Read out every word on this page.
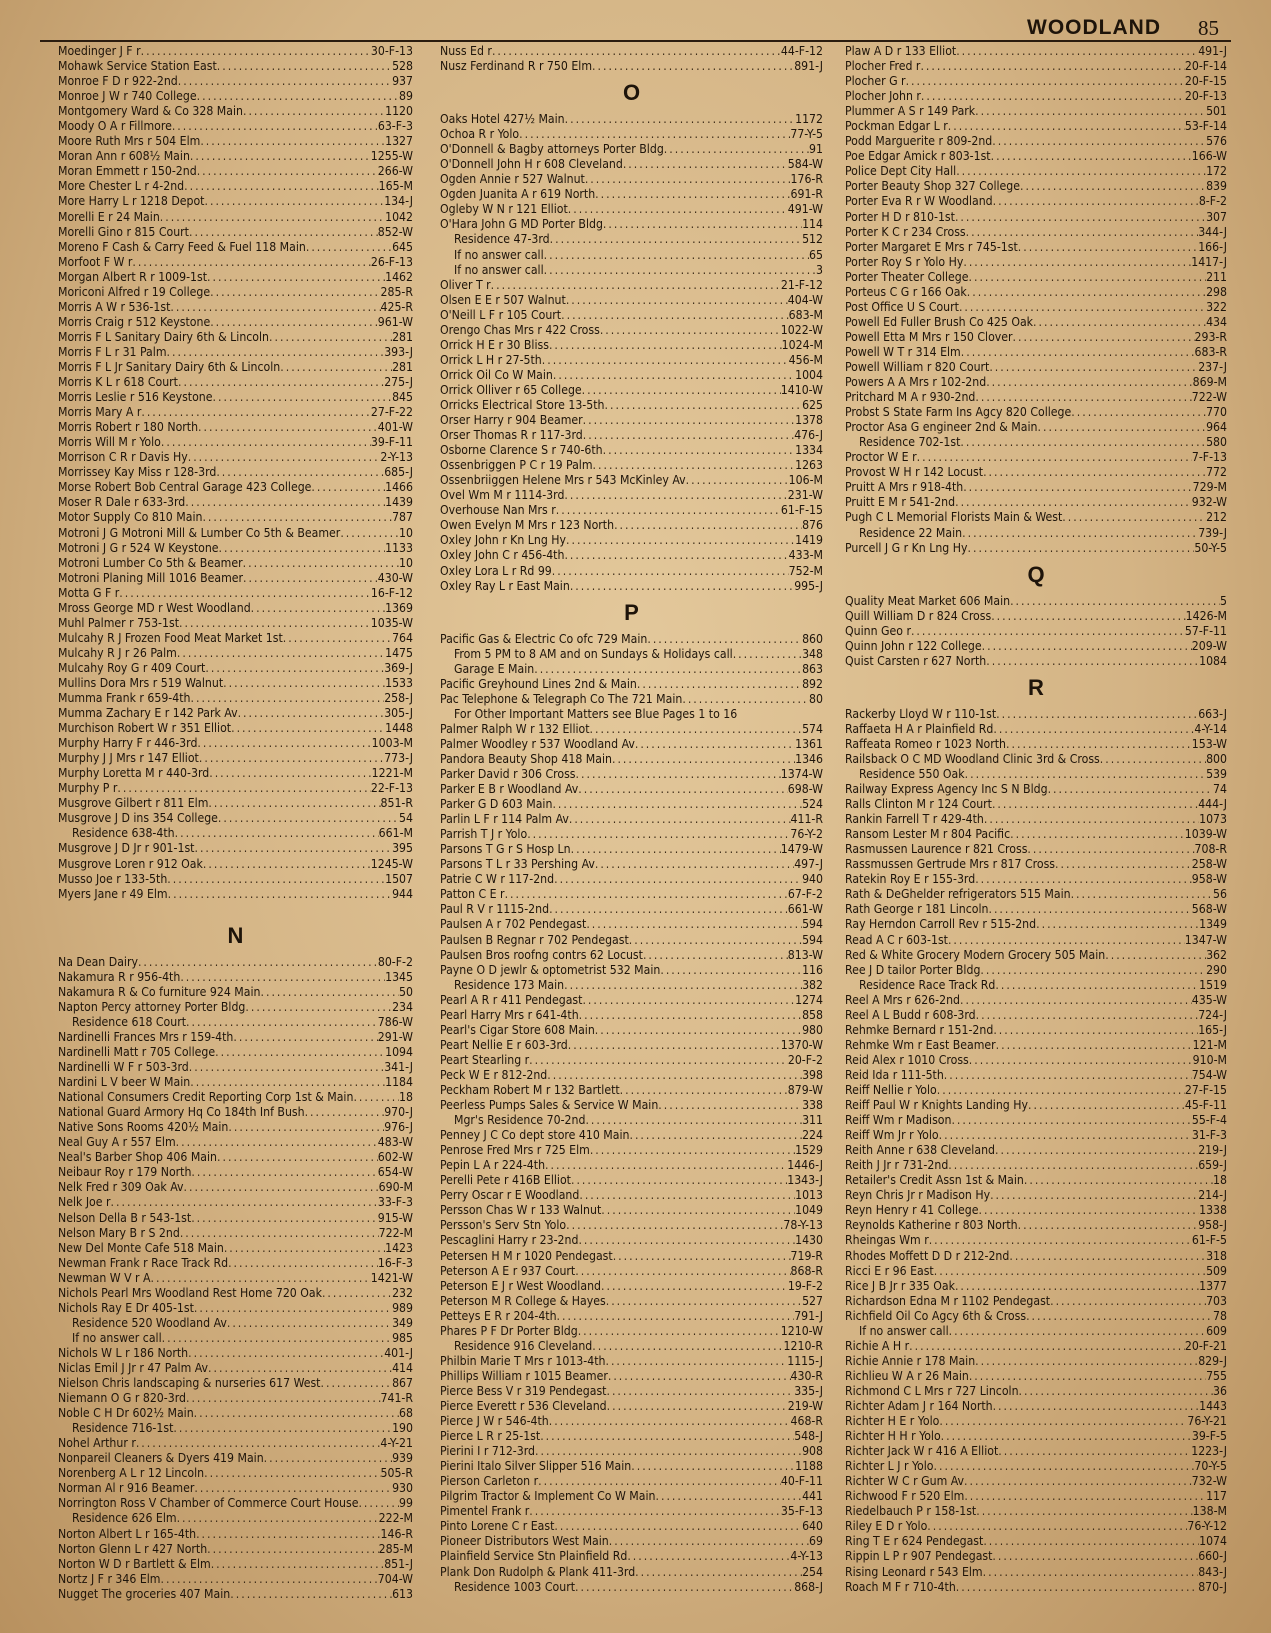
WOODLAND 85
Moedinger J F r .....	30-F-13
Mohawk Service Station East .....	528
Monroe F D r 922-2nd .....	937
Monroe J W r 740 College .....	89
Montgomery Ward & Co 328 Main .....	1120
Moody O A r Fillmore .....	63-F-3
Moore Ruth Mrs r 504 Elm .....	1327
Moran Ann r 608½ Main .....	1255-W
Moran Emmett r 150-2nd .....	266-W
More Chester L r 4-2nd .....	165-M
More Harry L r 1218 Depot .....	134-J
Morelli E r 24 Main .....	1042
Morelli Gino r 815 Court .....	852-W
Moreno F Cash & Carry Feed & Fuel 118 Main .....	645
Morfoot F W r .....	26-F-13
Morgan Albert R r 1009-1st .....	1462
Moriconi Alfred r 19 College .....	285-R
Morris A W r 536-1st .....	425-R
Morris Craig r 512 Keystone .....	961-W
Morris F L Sanitary Dairy 6th & Lincoln .....	281
Morris F L r 31 Palm .....	393-J
Morris F L Jr Sanitary Dairy 6th & Lincoln .....	281
Morris K L r 618 Court .....	275-J
Morris Leslie r 516 Keystone .....	845
Morris Mary A r .....	27-F-22
Morris Robert r 180 North .....	401-W
Morris Will M r Yolo .....	39-F-11
Morrison C R r Davis Hy .....	2-Y-13
Morrissey Kay Miss r 128-3rd .....	685-J
Morse Robert Bob Central Garage 423 College .....	1466
Moser R Dale r 633-3rd .....	1439
Motor Supply Co 810 Main .....	787
Motroni J G Motroni Mill & Lumber Co 5th & Beamer .....	10
Motroni J G r 524 W Keystone .....	1133
Motroni Lumber Co 5th & Beamer .....	10
Motroni Planing Mill 1016 Beamer .....	430-W
Motta G F r .....	16-F-12
Mross George MD r West Woodland .....	1369
Muhl Palmer r 753-1st .....	1035-W
Mulcahy R J Frozen Food Meat Market 1st .....	764
Mulcahy R J r 26 Palm .....	1475
Mulcahy Roy G r 409 Court .....	369-J
Mullins Dora Mrs r 519 Walnut .....	1533
Mumma Frank r 659-4th .....	258-J
Mumma Zachary E r 142 Park Av .....	305-J
Murchison Robert W r 351 Elliot .....	1448
Murphy Harry F r 446-3rd .....	1003-M
Murphy J J Mrs r 147 Elliot .....	773-J
Murphy Loretta M r 440-3rd .....	1221-M
Murphy P r .....	22-F-13
Musgrove Gilbert r 811 Elm .....	851-R
Musgrove J D ins 354 College .....	54
Residence 638-4th .....	661-M
Musgrove J D Jr r 901-1st .....	395
Musgrove Loren r 912 Oak .....	1245-W
Musso Joe r 133-5th .....	1507
Myers Jane r 49 Elm .....	944
N
Na Dean Dairy .....	80-F-2
Nakamura R r 956-4th .....	1345
Nakamura R & Co furniture 924 Main .....	50
Napton Percy attorney Porter Bldg .....	234
Residence 618 Court .....	786-W
Nardinelli Frances Mrs r 159-4th .....	291-W
Nardinelli Matt r 705 College .....	1094
Nardinelli W F r 503-3rd .....	341-J
Nardini L V beer W Main .....	1184
National Consumers Credit Reporting Corp 1st & Main .....	18
National Guard Armory Hq Co 184th Inf Bush .....	970-J
Native Sons Rooms 420½ Main .....	976-J
Neal Guy A r 557 Elm .....	483-W
Neal's Barber Shop 406 Main .....	602-W
Neibaur Roy r 179 North .....	654-W
Nelk Fred r 309 Oak Av .....	690-M
Nelk Joe r .....	33-F-3
Nelson Della B r 543-1st .....	915-W
Nelson Mary B r S 2nd .....	722-M
New Del Monte Cafe 518 Main .....	1423
Newman Frank r Race Track Rd .....	16-F-3
Newman W V r A .....	1421-W
Nichols Pearl Mrs Woodland Rest Home 720 Oak .....	232
Nichols Ray E Dr 405-1st .....	989
Residence 520 Woodland Av .....	349
If no answer call .....	985
Nichols W L r 186 North .....	401-J
Niclas Emil J Jr r 47 Palm Av .....	414
Nielson Chris landscaping & nurseries 617 West .....	867
Niemann O G r 820-3rd .....	741-R
Noble C H Dr 602½ Main .....	68
Residence 716-1st .....	190
Nohel Arthur r .....	4-Y-21
Nonpareil Cleaners & Dyers 419 Main .....	939
Norenberg A L r 12 Lincoln .....	505-R
Norman Al r 916 Beamer .....	930
Norrington Ross V Chamber of Commerce Court House .....	99
Residence 626 Elm .....	222-M
Norton Albert L r 165-4th .....	146-R
Norton Glenn L r 427 North .....	285-M
Norton W D r Bartlett & Elm .....	851-J
Nortz J F r 346 Elm .....	704-W
Nugget The groceries 407 Main .....	613
Nuss Ed r .....	44-F-12
Nusz Ferdinand R r 750 Elm .....	891-J
O
Oaks Hotel 427½ Main .....	1172
Ochoa R r Yolo .....	77-Y-5
O'Donnell & Bagby attorneys Porter Bldg .....	91
O'Donnell John H r 608 Cleveland .....	584-W
Ogden Annie r 527 Walnut .....	176-R
Ogden Juanita A r 619 North .....	691-R
Ogleby W N r 121 Elliot .....	491-W
O'Hara John G MD Porter Bldg .....	114
Residence 47-3rd .....	512
If no answer call .....	65
If no answer call .....	3
Oliver T r .....	21-F-12
Olsen E E r 507 Walnut .....	404-W
O'Neill L F r 105 Court .....	683-M
Orengo Chas Mrs r 422 Cross .....	1022-W
Orrick H E r 30 Bliss .....	1024-M
Orrick L H r 27-5th .....	456-M
Orrick Oil Co W Main .....	1004
Orrick Olliver r 65 College .....	1410-W
Orricks Electrical Store 13-5th .....	625
Orser Harry r 904 Beamer .....	1378
Orser Thomas R r 117-3rd .....	476-J
Osborne Clarence S r 740-6th .....	1334
Ossenbriggen P C r 19 Palm .....	1263
Ossenbriiggen Helene Mrs r 543 McKinley Av .....	106-M
Ovel Wm M r 1114-3rd .....	231-W
Overhouse Nan Mrs r .....	61-F-15
Owen Evelyn M Mrs r 123 North .....	876
Oxley John r Kn Lng Hy .....	1419
Oxley John C r 456-4th .....	433-M
Oxley Lora L r Rd 99 .....	752-M
Oxley Ray L r East Main .....	995-J
P
Pacific Gas & Electric Co ofc 729 Main .....	860
From 5 PM to 8 AM and on Sundays & Holidays call .....	348
Garage E Main .....	863
Pacific Greyhound Lines 2nd & Main .....	892
Pac Telephone & Telegraph Co The 721 Main .....	80
For Other Important Matters see Blue Pages 1 to 16
Palmer Ralph W r 132 Elliot .....	574
Palmer Woodley r 537 Woodland Av .....	1361
Pandora Beauty Shop 418 Main .....	1346
Parker David r 306 Cross .....	1374-W
Parker E B r Woodland Av .....	698-W
Parker G D 603 Main .....	524
Parlin L F r 114 Palm Av .....	411-R
Parrish T J r Yolo .....	76-Y-2
Parsons T G r S Hosp Ln .....	1479-W
Parsons T L r 33 Pershing Av .....	497-J
Patrie C W r 117-2nd .....	940
Patton C E r .....	67-F-2
Paul R V r 1115-2nd .....	661-W
Paulsen A r 702 Pendegast .....	594
Paulsen B Regnar r 702 Pendegast .....	594
Paulsen Bros roofng contrs 62 Locust .....	813-W
Payne O D jewlr & optometrist 532 Main .....	116
Residence 173 Main .....	382
Pearl A R r 411 Pendegast .....	1274
Pearl Harry Mrs r 641-4th .....	858
Pearl's Cigar Store 608 Main .....	980
Peart Nellie E r 603-3rd .....	1370-W
Peart Stearling r .....	20-F-2
Peck W E r 812-2nd .....	398
Peckham Robert M r 132 Bartlett .....	879-W
Peerless Pumps Sales & Service W Main .....	338
Mgr's Residence 70-2nd .....	311
Penney J C Co dept store 410 Main .....	224
Penrose Fred Mrs r 725 Elm .....	1529
Pepin L A r 224-4th .....	1446-J
Perelli Pete r 416B Elliot .....	1343-J
Perry Oscar r E Woodland .....	1013
Persson Chas W r 133 Walnut .....	1049
Persson's Serv Stn Yolo .....	78-Y-13
Pescaglini Harry r 23-2nd .....	1430
Petersen H M r 1020 Pendegast .....	719-R
Peterson A E r 937 Court .....	868-R
Peterson E J r West Woodland .....	19-F-2
Peterson M R College & Hayes .....	527
Petteys E R r 204-4th .....	791-J
Phares P F Dr Porter Bldg .....	1210-W
Residence 916 Cleveland .....	1210-R
Philbin Marie T Mrs r 1013-4th .....	1115-J
Phillips William r 1015 Beamer .....	430-R
Pierce Bess V r 319 Pendegast .....	335-J
Pierce Everett r 536 Cleveland .....	219-W
Pierce J W r 546-4th .....	468-R
Pierce L R r 25-1st .....	548-J
Pierini I r 712-3rd .....	908
Pierini Italo Silver Slipper 516 Main .....	1188
Pierson Carleton r .....	40-F-11
Pilgrim Tractor & Implement Co W Main .....	441
Pimentel Frank r .....	35-F-13
Pinto Lorene C r East .....	640
Pioneer Distributors West Main .....	69
Plainfield Service Stn Plainfield Rd .....	4-Y-13
Plank Don Rudolph & Plank 411-3rd .....	254
Residence 1003 Court .....	868-J
Plaw A D r 133 Elliot .....	491-J
Plocher Fred r .....	20-F-14
Plocher G r .....	20-F-15
Plocher John r .....	20-F-13
Plummer A S r 149 Park .....	501
Pockman Edgar L r .....	53-F-14
Podd Marguerite r 809-2nd .....	576
Poe Edgar Amick r 803-1st .....	166-W
Police Dept City Hall .....	172
Porter Beauty Shop 327 College .....	839
Porter Eva R r W Woodland .....	8-F-2
Porter H D r 810-1st .....	307
Porter K C r 234 Cross .....	344-J
Porter Margaret E Mrs r 745-1st .....	166-J
Porter Roy S r Yolo Hy .....	1417-J
Porter Theater College .....	211
Porteus C G r 166 Oak .....	298
Post Office U S Court .....	322
Powell Ed Fuller Brush Co 425 Oak .....	434
Powell Etta M Mrs r 150 Clover .....	293-R
Powell W T r 314 Elm .....	683-R
Powell William r 820 Court .....	237-J
Powers A A Mrs r 102-2nd .....	869-M
Pritchard M A r 930-2nd .....	722-W
Probst S State Farm Ins Agcy 820 College .....	770
Proctor Asa G engineer 2nd & Main .....	964
Residence 702-1st .....	580
Proctor W E r .....	7-F-13
Provost W H r 142 Locust .....	772
Pruitt A Mrs r 918-4th .....	729-M
Pruitt E M r 541-2nd .....	932-W
Pugh C L Memorial Florists Main & West .....	212
Residence 22 Main .....	739-J
Purcell J G r Kn Lng Hy .....	50-Y-5
Q
Quality Meat Market 606 Main .....	5
Quill William D r 824 Cross .....	1426-M
Quinn Geo r .....	57-F-11
Quinn John r 122 College .....	209-W
Quist Carsten r 627 North .....	1084
R
Rackerby Lloyd W r 110-1st .....	663-J
Raffaeta H A r Plainfield Rd .....	4-Y-14
Raffeata Romeo r 1023 North .....	153-W
Railsback O C MD Woodland Clinic 3rd & Cross .....	800
Residence 550 Oak .....	539
Railway Express Agency Inc S N Bldg .....	74
Ralls Clinton M r 124 Court .....	444-J
Rankin Farrell T r 429-4th .....	1073
Ransom Lester M r 804 Pacific .....	1039-W
Rasmussen Laurence r 821 Cross .....	708-R
Rassmussen Gertrude Mrs r 817 Cross .....	258-W
Ratekin Roy E r 155-3rd .....	958-W
Rath & DeGhelder refrigerators 515 Main .....	56
Rath George r 181 Lincoln .....	568-W
Ray Herndon Carroll Rev r 515-2nd .....	1349
Read A C r 603-1st .....	1347-W
Red & White Grocery Modern Grocery 505 Main .....	362
Ree J D tailor Porter Bldg .....	290
Residence Race Track Rd .....	1519
Reel A Mrs r 626-2nd .....	435-W
Reel A L Budd r 608-3rd .....	724-J
Rehmke Bernard r 151-2nd .....	165-J
Rehmke Wm r East Beamer .....	121-M
Reid Alex r 1010 Cross .....	910-M
Reid Ida r 111-5th .....	754-W
Reiff Nellie r Yolo .....	27-F-15
Reiff Paul W r Knights Landing Hy .....	45-F-11
Reiff Wm r Madison .....	55-F-4
Reiff Wm Jr r Yolo .....	31-F-3
Reith Anne r 638 Cleveland .....	219-J
Reith J Jr r 731-2nd .....	659-J
Retailer's Credit Assn 1st & Main .....	18
Reyn Chris Jr r Madison Hy .....	214-J
Reyn Henry r 41 College .....	1338
Reynolds Katherine r 803 North .....	958-J
Rheingas Wm r .....	61-F-5
Rhodes Moffett D D r 212-2nd .....	318
Ricci E r 96 East .....	509
Rice J B Jr r 335 Oak .....	1377
Richardson Edna M r 1102 Pendegast .....	703
Richfield Oil Co Agcy 6th & Cross .....	78
If no answer call .....	609
Richie A H r .....	20-F-21
Richie Annie r 178 Main .....	829-J
Richlieu W A r 26 Main .....	755
Richmond C L Mrs r 727 Lincoln .....	36
Richter Adam J r 164 North .....	1443
Richter H E r Yolo .....	76-Y-21
Richter H H r Yolo .....	39-F-5
Richter Jack W r 416 A Elliot .....	1223-J
Richter L J r Yolo .....	70-Y-5
Richter W C r Gum Av .....	732-W
Richwood F r 520 Elm .....	117
Riedelbauch P r 158-1st .....	138-M
Riley E D r Yolo .....	76-Y-12
Ring T E r 624 Pendegast .....	1074
Rippin L P r 907 Pendegast .....	660-J
Rising Leonard r 543 Elm .....	843-J
Roach M F r 710-4th .....	870-J
